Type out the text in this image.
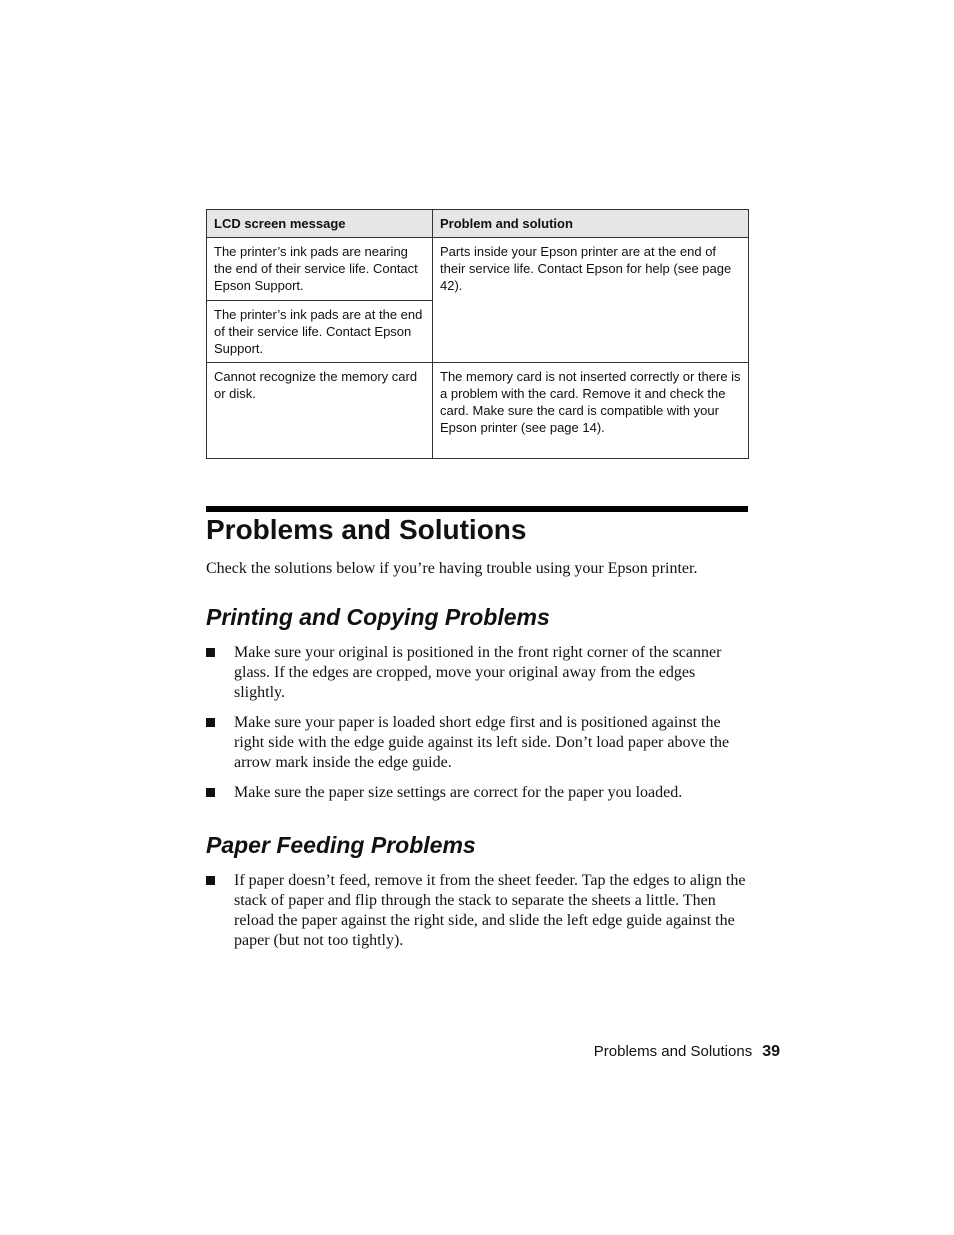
LCD screen message	Problem and solution
The printer’s ink pads are nearing the end of their service life. Contact Epson Support.	Parts inside your Epson printer are at the end of their service life. Contact Epson for help (see page 42).
The printer’s ink pads are at the end of their service life. Contact Epson Support.	
Cannot recognize the memory card or disk.	The memory card is not inserted correctly or there is a problem with the card. Remove it and check the card. Make sure the card is compatible with your Epson printer (see page 14).
Problems and Solutions

Check the solutions below if you’re having trouble using your Epson printer.

Printing and Copying Problems
Make sure your original is positioned in the front right corner of the scanner glass. If the edges are cropped, move your original away from the edges slightly.
Make sure your paper is loaded short edge first and is positioned against the right side with the edge guide against its left side. Don’t load paper above the arrow mark inside the edge guide.
Make sure the paper size settings are correct for the paper you loaded.
Paper Feeding Problems
If paper doesn’t feed, remove it from the sheet feeder. Tap the edges to align the stack of paper and flip through the stack to separate the sheets a little. Then reload the paper against the right side, and slide the left edge guide against the paper (but not too tightly).
Problems and Solutions 39
